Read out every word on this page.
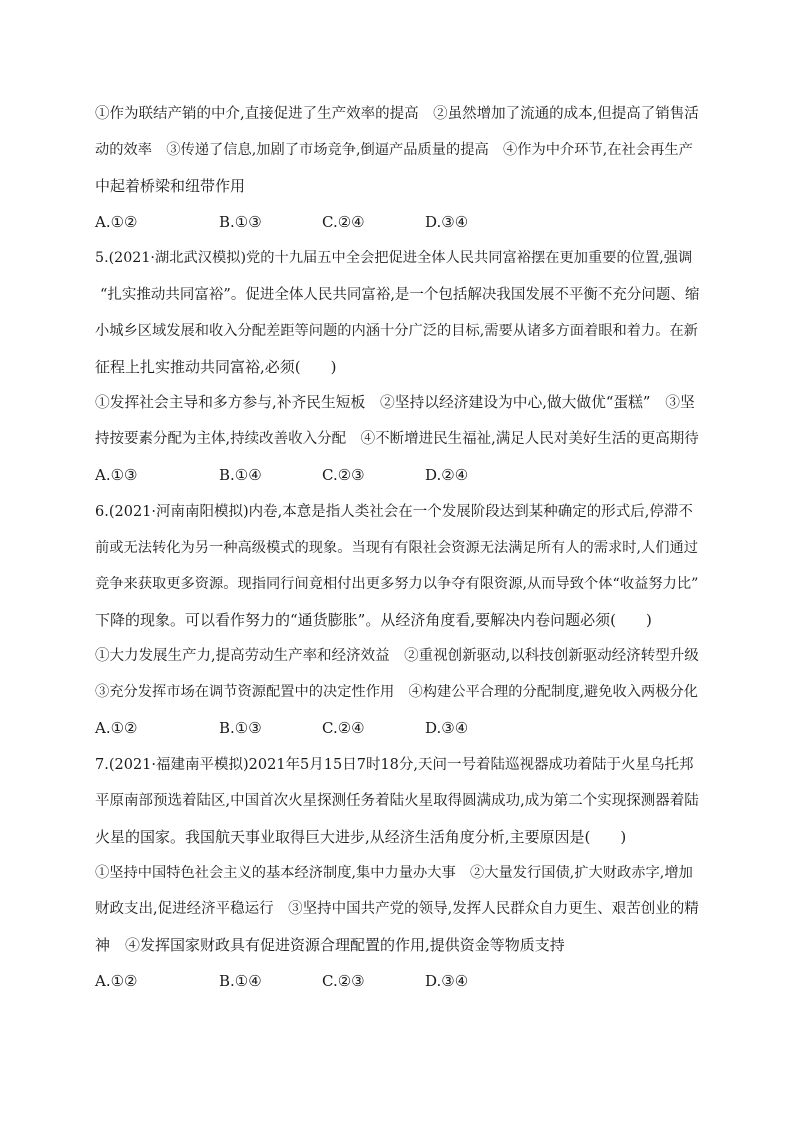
①作为联结产销的中介,直接促进了生产效率的提高　②虽然增加了流通的成本,但提高了销售活
动的效率　③传递了信息,加剧了市场竞争,倒逼产品质量的提高　④作为中介环节,在社会再生产
中起着桥梁和纽带作用
A.①②	B.①③	C.②④	D.③④
5.(2021·湖北武汉模拟)党的十九届五中全会把促进全体人民共同富裕摆在更加重要的位置,强调
“扎实推动共同富裕”。促进全体人民共同富裕,是一个包括解决我国发展不平衡不充分问题、缩
小城乡区域发展和收入分配差距等问题的内涵十分广泛的目标,需要从诸多方面着眼和着力。在新
征程上扎实推动共同富裕,必须(　　)
①发挥社会主导和多方参与,补齐民生短板　②坚持以经济建设为中心,做大做优“蛋糕”　③坚
持按要素分配为主体,持续改善收入分配　④不断增进民生福祉,满足人民对美好生活的更高期待
A.①③	B.①④	C.②③	D.②④
6.(2021·河南南阳模拟)内卷,本意是指人类社会在一个发展阶段达到某种确定的形式后,停滞不
前或无法转化为另一种高级模式的现象。当现有有限社会资源无法满足所有人的需求时,人们通过
竞争来获取更多资源。现指同行间竟相付出更多努力以争夺有限资源,从而导致个体“收益努力比”
下降的现象。可以看作努力的“通货膨胀”。从经济角度看,要解决内卷问题必须(　　)
①大力发展生产力,提高劳动生产率和经济效益　②重视创新驱动,以科技创新驱动经济转型升级
③充分发挥市场在调节资源配置中的决定性作用　④构建公平合理的分配制度,避免收入两极分化
A.①②	B.①③	C.②④	D.③④
7.(2021·福建南平模拟)2021年5月15日7时18分,天问一号着陆巡视器成功着陆于火星乌托邦
平原南部预选着陆区,中国首次火星探测任务着陆火星取得圆满成功,成为第二个实现探测器着陆
火星的国家。我国航天事业取得巨大进步,从经济生活角度分析,主要原因是(　　)
①坚持中国特色社会主义的基本经济制度,集中力量办大事　②大量发行国债,扩大财政赤字,增加
财政支出,促进经济平稳运行　③坚持中国共产党的领导,发挥人民群众自力更生、艰苦创业的精
神　④发挥国家财政具有促进资源合理配置的作用,提供资金等物质支持
A.①②	B.①④	C.②③	D.③④
